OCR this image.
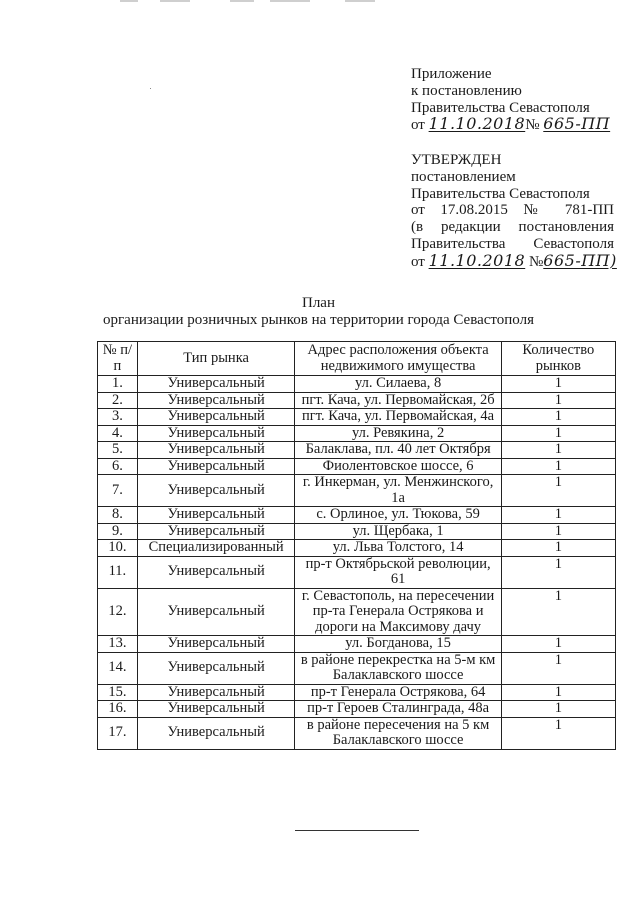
Приложение
к постановлению
Правительства Севастополя
от 11.10.2018№ 665-ПП
УТВЕРЖДЕН
постановлением
Правительства Севастополя
от 17.08.2015 № 781-ПП
(в редакции постановления
Правительства Севастополя
от 11.10.2018 №665-ПП)
План
организации розничных рынков на территории города Севастополя
№ п/п	Тип рынка	Адрес расположения объекта недвижимого имущества	Количество рынков
1.	Универсальный	ул. Силаева, 8	1
2.	Универсальный	пгт. Кача, ул. Первомайская, 2б	1
3.	Универсальный	пгт. Кача, ул. Первомайская, 4а	1
4.	Универсальный	ул. Ревякина, 2	1
5.	Универсальный	Балаклава, пл. 40 лет Октября	1
6.	Универсальный	Фиолентовское шоссе, 6	1
7.	Универсальный	г. Инкерман, ул. Менжинского, 1а	1
8.	Универсальный	с. Орлиное, ул. Тюкова, 59	1
9.	Универсальный	ул. Щербака, 1	1
10.	Специализированный	ул. Льва Толстого, 14	1
11.	Универсальный	пр-т Октябрьской революции, 61	1
12.	Универсальный	г. Севастополь, на пересечении пр-та Генерала Острякова и дороги на Максимову дачу	1
13.	Универсальный	ул. Богданова, 15	1
14.	Универсальный	в районе перекрестка на 5-м км Балаклавского шоссе	1
15.	Универсальный	пр-т Генерала Острякова, 64	1
16.	Универсальный	пр-т Героев Сталинграда, 48а	1
17.	Универсальный	в районе пересечения на 5 км Балаклавского шоссе	1
